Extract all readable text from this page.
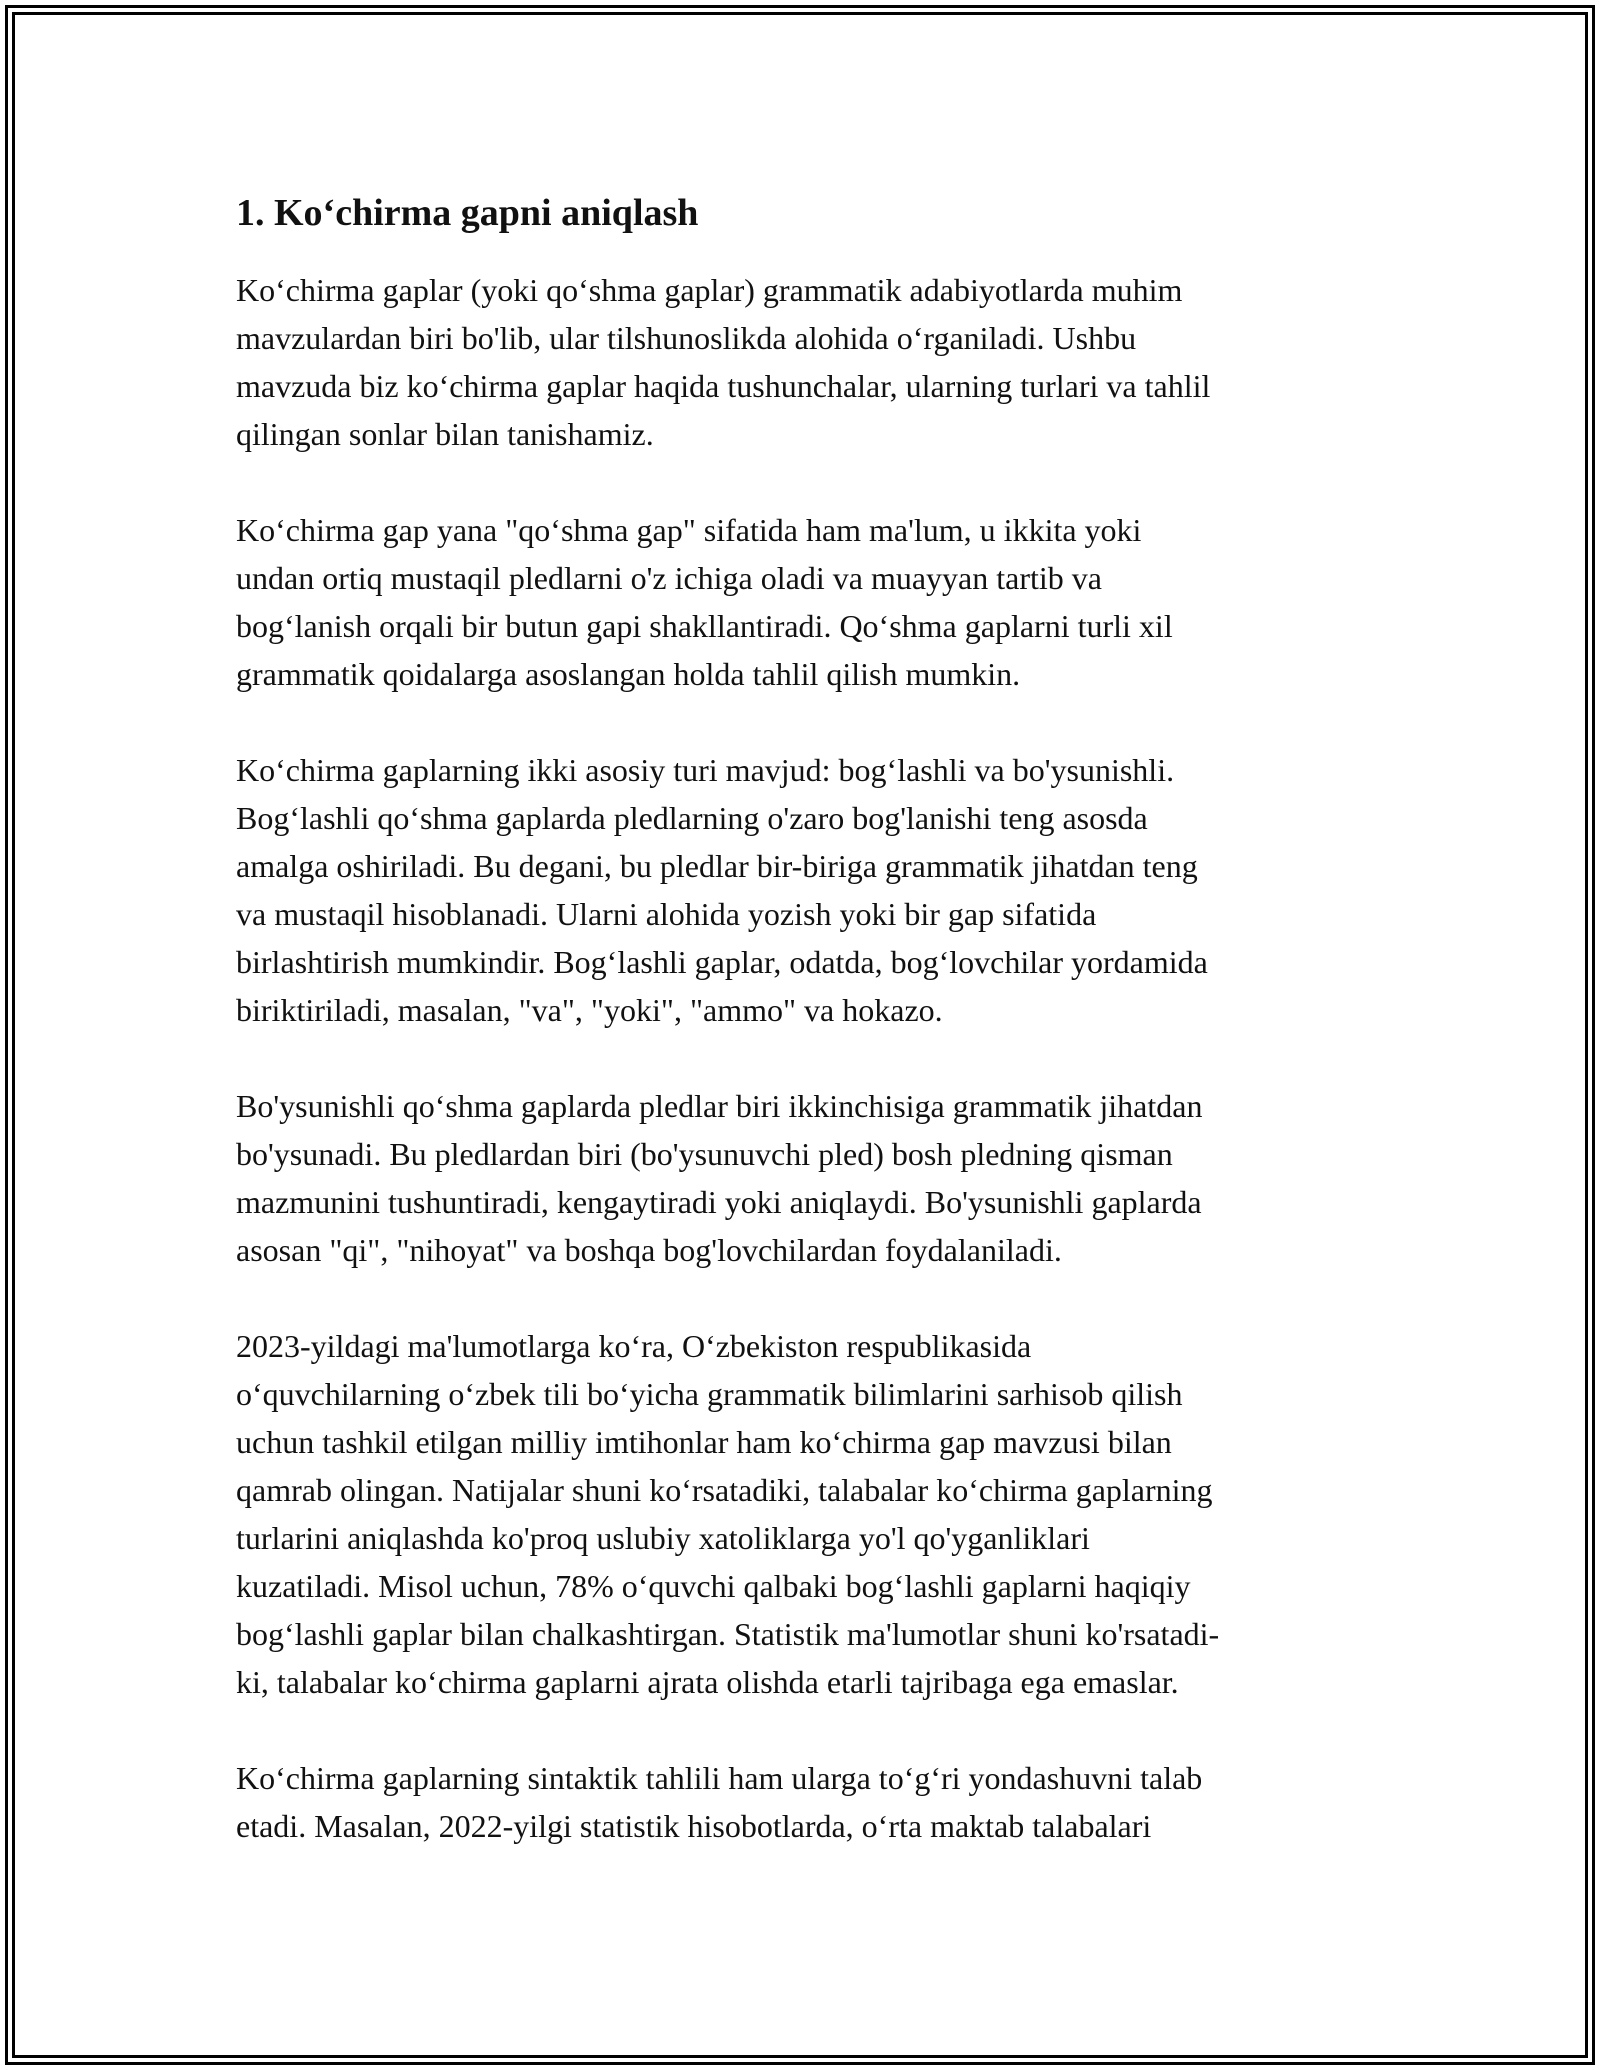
1. Ko‘chirma gapni aniqlash

Ko‘chirma gaplar (yoki qo‘shma gaplar) grammatik adabiyotlarda muhim
mavzulardan biri bo'lib, ular tilshunoslikda alohida o‘rganiladi. Ushbu
mavzuda biz ko‘chirma gaplar haqida tushunchalar, ularning turlari va tahlil
qilingan sonlar bilan tanishamiz.

Ko‘chirma gap yana "qo‘shma gap" sifatida ham ma'lum, u ikkita yoki
undan ortiq mustaqil pledlarni o'z ichiga oladi va muayyan tartib va
bog‘lanish orqali bir butun gapi shakllantiradi. Qo‘shma gaplarni turli xil
grammatik qoidalarga asoslangan holda tahlil qilish mumkin.

Ko‘chirma gaplarning ikki asosiy turi mavjud: bog‘lashli va bo'ysunishli.
Bog‘lashli qo‘shma gaplarda pledlarning o'zaro bog'lanishi teng asosda
amalga oshiriladi. Bu degani, bu pledlar bir-biriga grammatik jihatdan teng
va mustaqil hisoblanadi. Ularni alohida yozish yoki bir gap sifatida
birlashtirish mumkindir. Bog‘lashli gaplar, odatda, bog‘lovchilar yordamida
biriktiriladi, masalan, "va", "yoki", "ammo" va hokazo.

Bo'ysunishli qo‘shma gaplarda pledlar biri ikkinchisiga grammatik jihatdan
bo'ysunadi. Bu pledlardan biri (bo'ysunuvchi pled) bosh pledning qisman
mazmunini tushuntiradi, kengaytiradi yoki aniqlaydi. Bo'ysunishli gaplarda
asosan "qi", "nihoyat" va boshqa bog'lovchilardan foydalaniladi.

2023-yildagi ma'lumotlarga ko‘ra, O‘zbekiston respublikasida
o‘quvchilarning o‘zbek tili bo‘yicha grammatik bilimlarini sarhisob qilish
uchun tashkil etilgan milliy imtihonlar ham ko‘chirma gap mavzusi bilan
qamrab olingan. Natijalar shuni ko‘rsatadiki, talabalar ko‘chirma gaplarning
turlarini aniqlashda ko'proq uslubiy xatoliklarga yo'l qo'yganliklari
kuzatiladi. Misol uchun, 78% o‘quvchi qalbaki bog‘lashli gaplarni haqiqiy
bog‘lashli gaplar bilan chalkashtirgan. Statistik ma'lumotlar shuni ko'rsatadi-
ki, talabalar ko‘chirma gaplarni ajrata olishda etarli tajribaga ega emaslar.

Ko‘chirma gaplarning sintaktik tahlili ham ularga to‘g‘ri yondashuvni talab
etadi. Masalan, 2022-yilgi statistik hisobotlarda, o‘rta maktab talabalari
